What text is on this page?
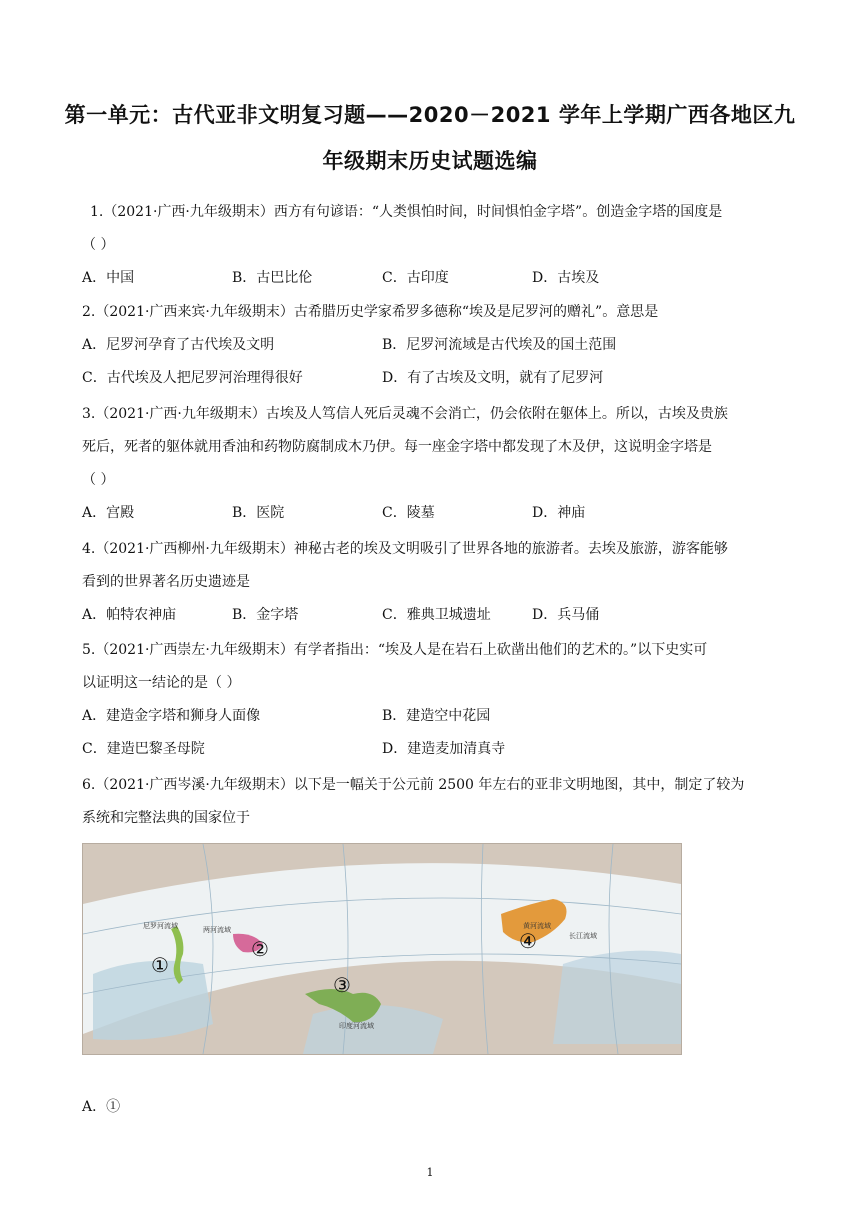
第一单元：古代亚非文明复习题——2020－2021 学年上学期广西各地区九
年级期末历史试题选编

1.（2021·广西·九年级期末）西方有句谚语：“人类惧怕时间，时间惧怕金字塔”。创造金字塔的国度是

（ ）

A．中国	B．古巴比伦	C．古印度	D．古埃及

2.（2021·广西来宾·九年级期末）古希腊历史学家希罗多德称“埃及是尼罗河的赠礼”。意思是

A．尼罗河孕育了古代埃及文明	B．尼罗河流域是古代埃及的国土范围
C．古代埃及人把尼罗河治理得很好	D．有了古埃及文明，就有了尼罗河

3.（2021·广西·九年级期末）古埃及人笃信人死后灵魂不会消亡，仍会依附在躯体上。所以，古埃及贵族

死后，死者的躯体就用香油和药物防腐制成木乃伊。每一座金字塔中都发现了木及伊，这说明金字塔是

（ ）

A．宫殿	B．医院	C．陵墓	D．神庙

4.（2021·广西柳州·九年级期末）神秘古老的埃及文明吸引了世界各地的旅游者。去埃及旅游，游客能够

看到的世界著名历史遗迹是

A．帕特农神庙	B．金字塔	C．雅典卫城遗址	D．兵马俑

5.（2021·广西崇左·九年级期末）有学者指出：“埃及人是在岩石上砍凿出他们的艺术的。”以下史实可

以证明这一结论的是（ ）

A．建造金字塔和狮身人面像	B．建造空中花园
C．建造巴黎圣母院	D．建造麦加清真寺

6.（2021·广西岑溪·九年级期末）以下是一幅关于公元前 2500 年左右的亚非文明地图，其中，制定了较为

系统和完整法典的国家位于

①
②
③
④
尼罗河流域	两河流域
印度河流域
黄河流域
长江流域
A．①
1
